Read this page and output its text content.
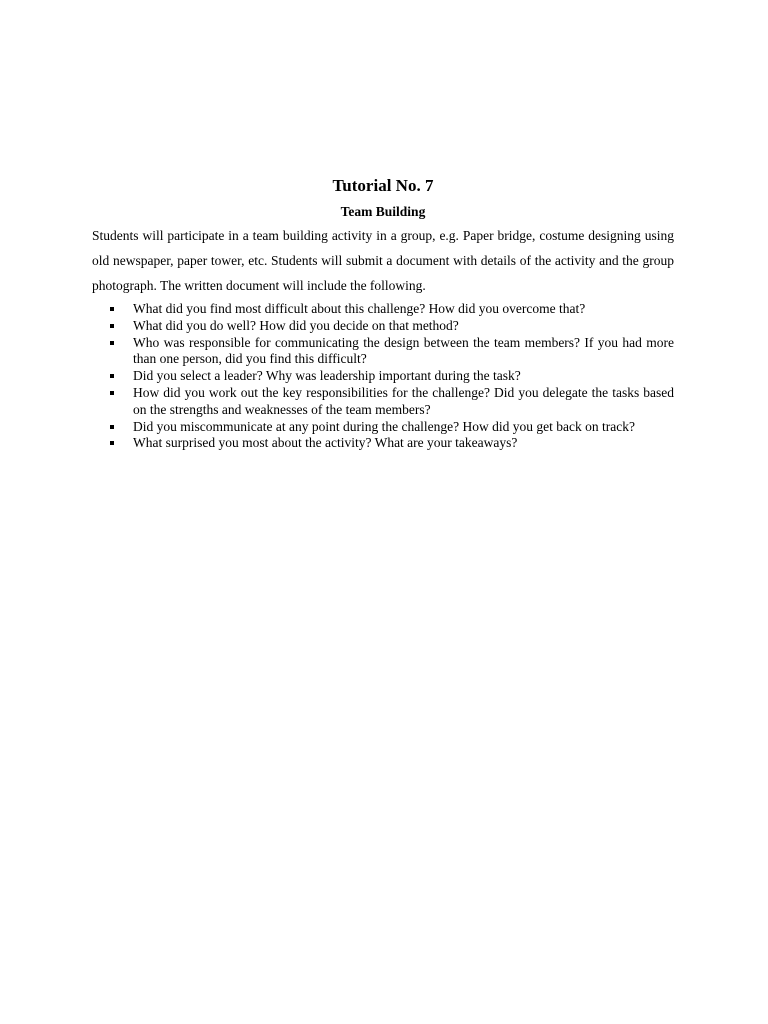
Tutorial No. 7
Team Building

Students will participate in a team building activity in a group, e.g. Paper bridge, costume designing using old newspaper, paper tower, etc. Students will submit a document with details of the activity and the group photograph. The written document will include the following.

What did you find most difficult about this challenge? How did you overcome that?
What did you do well? How did you decide on that method?
Who was responsible for communicating the design between the team members? If you had more than one person, did you find this difficult?
Did you select a leader? Why was leadership important during the task?
How did you work out the key responsibilities for the challenge? Did you delegate the tasks based on the strengths and weaknesses of the team members?
Did you miscommunicate at any point during the challenge? How did you get back on track?
What surprised you most about the activity? What are your takeaways?
